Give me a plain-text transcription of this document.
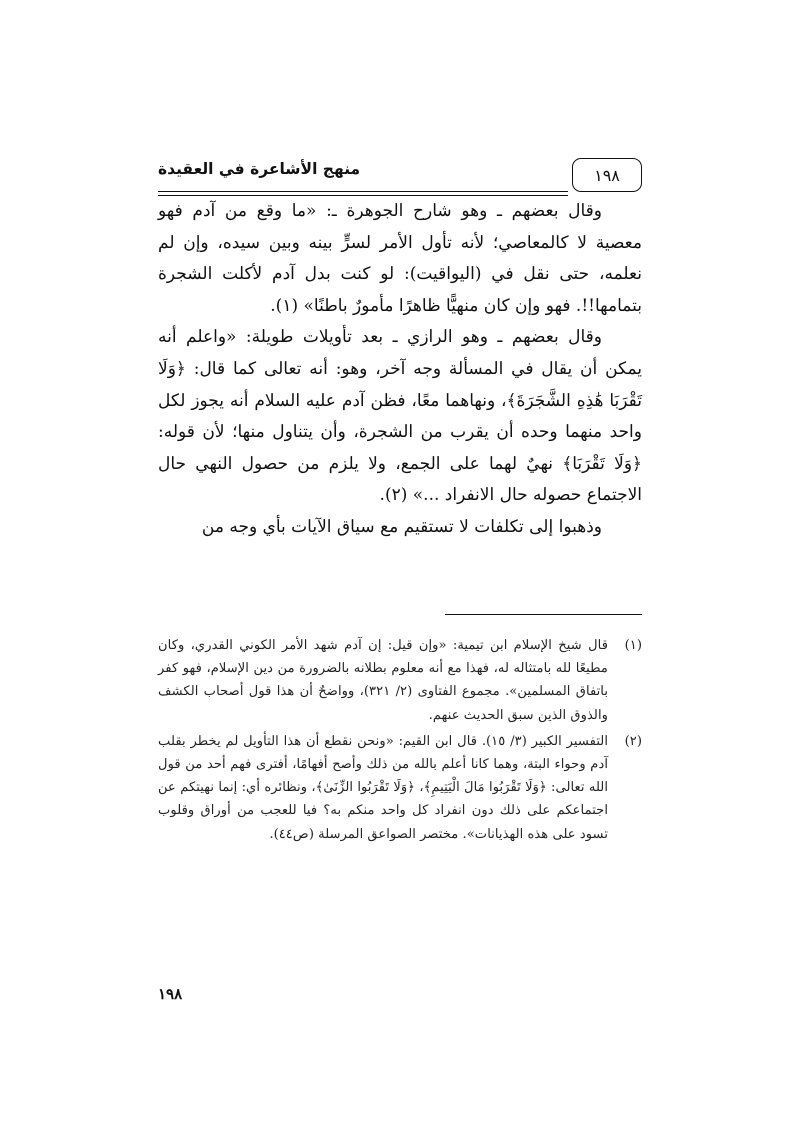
١٩٨
منهج الأشاعرة في العقيدة

وقال بعضهم ـ وهو شارح الجوهرة ـ: «ما وقع من آدم فهو معصية لا كالمعاصي؛ لأنه تأول الأمر لسرٍّ بينه وبين سيده، وإن لم نعلمه، حتى نقل في (اليواقيت): لو كنت بدل آدم لأكلت الشجرة بتمامها!!. فهو وإن كان منهيًّا ظاهرًا مأمورٌ باطنًا» (١).

وقال بعضهم ـ وهو الرازي ـ بعد تأويلات طويلة: «واعلم أنه يمكن أن يقال في المسألة وجه آخر، وهو: أنه تعالى كما قال: ﴿وَلَا تَقْرَبَا هَٰذِهِ الشَّجَرَةَ﴾، ونهاهما معًا، فظن آدم عليه السلام أنه يجوز لكل واحد منهما وحده أن يقرب من الشجرة، وأن يتناول منها؛ لأن قوله: ﴿وَلَا تَقْرَبَا﴾ نهيٌ لهما على الجمع، ولا يلزم من حصول النهي حال الاجتماع حصوله حال الانفراد ...» (٢).

وذهبوا إلى تكلفات لا تستقيم مع سياق الآيات بأي وجه من

(١)
قال شيخ الإسلام ابن تيمية: «وإن قيل: إن آدم شهد الأمر الكوني القدري، وكان مطيعًا لله بامتثاله له، فهذا مع أنه معلوم بطلانه بالضرورة من دين الإسلام، فهو كفر باتفاق المسلمين». مجموع الفتاوى (٢/ ٣٢١)، وواضحٌ أن هذا قول أصحاب الكشف والذوق الذين سبق الحديث عنهم.
(٢)
التفسير الكبير (٣/ ١٥). قال ابن القيم: «ونحن نقطع أن هذا التأويل لم يخطر بقلب آدم وحواء البتة، وهما كانا أعلم بالله من ذلك وأصح أفهامًا، أفترى فهم أحد من قول الله تعالى: ﴿وَلَا تَقْرَبُوا مَالَ الْيَتِيمِ﴾، ﴿وَلَا تَقْرَبُوا الزِّنَىٰ﴾، ونظائره أي: إنما نهيتكم عن اجتماعكم على ذلك دون انفراد كل واحد منكم به؟ فيا للعجب من أوراق وقلوب تسود على هذه الهذيانات». مختصر الصواعق المرسلة (ص٤٤).
١٩٨
